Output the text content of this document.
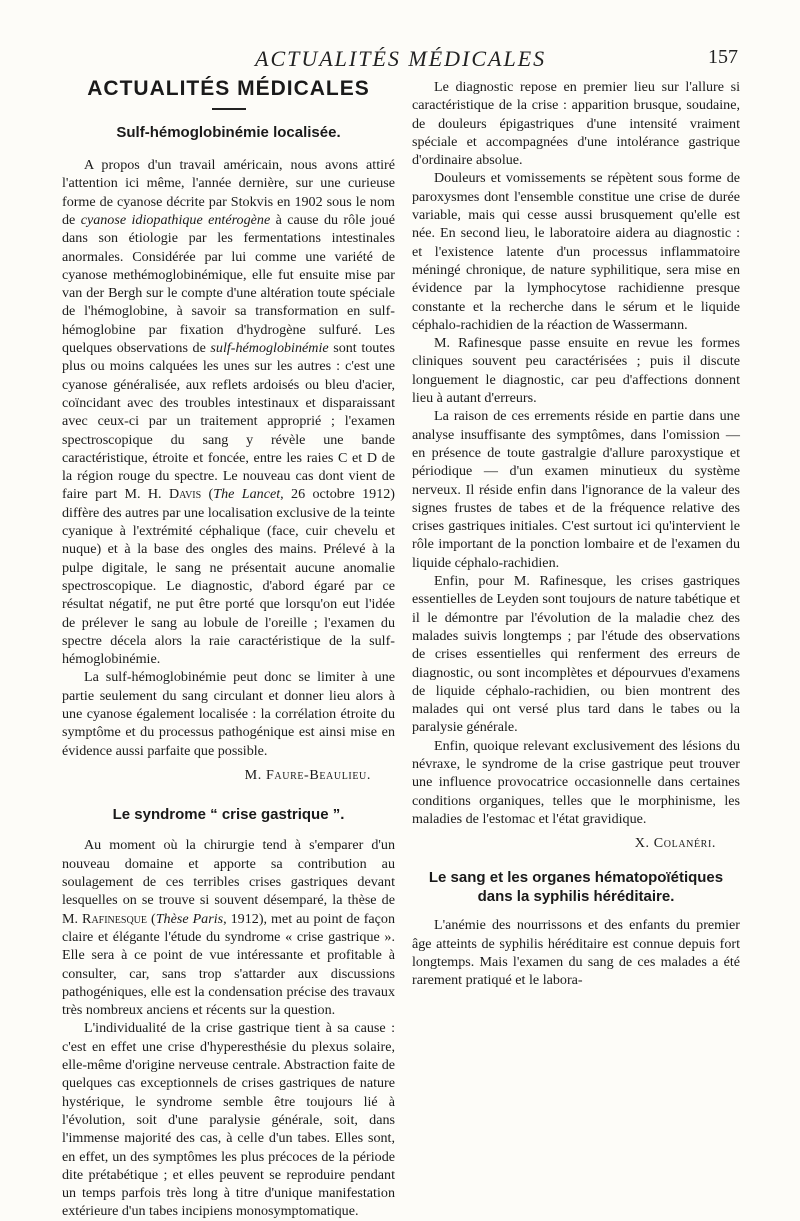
ACTUALITÉS MÉDICALES	157
ACTUALITÉS MÉDICALES
Sulf-hémoglobinémie localisée.

A propos d'un travail américain, nous avons attiré l'attention ici même, l'année dernière, sur une curieuse forme de cyanose décrite par Stokvis en 1902 sous le nom de cyanose idiopathique entérogène à cause du rôle joué dans son étiologie par les fermentations intestinales anormales. Considérée par lui comme une variété de cyanose methémoglobinémique, elle fut ensuite mise par van der Bergh sur le compte d'une altération toute spéciale de l'hémoglobine, à savoir sa transformation en sulf-hémoglobine par fixation d'hydrogène sulfuré. Les quelques observations de sulf-hémoglobinémie sont toutes plus ou moins calquées les unes sur les autres : c'est une cyanose généralisée, aux reflets ardoisés ou bleu d'acier, coïncidant avec des troubles intestinaux et disparaissant avec ceux-ci par un traitement approprié ; l'examen spectroscopique du sang y révèle une bande caractéristique, étroite et foncée, entre les raies C et D de la région rouge du spectre. Le nouveau cas dont vient de faire part M. H. Davis (The Lancet, 26 octobre 1912) diffère des autres par une localisation exclusive de la teinte cyanique à l'extrémité céphalique (face, cuir chevelu et nuque) et à la base des ongles des mains. Prélevé à la pulpe digitale, le sang ne présentait aucune anomalie spectroscopique. Le diagnostic, d'abord égaré par ce résultat négatif, ne put être porté que lorsqu'on eut l'idée de prélever le sang au lobule de l'oreille ; l'examen du spectre décela alors la raie caractéristique de la sulf-hémoglobinémie.

La sulf-hémoglobinémie peut donc se limiter à une partie seulement du sang circulant et donner lieu alors à une cyanose également localisée : la corrélation étroite du symptôme et du processus pathogénique est ainsi mise en évidence aussi parfaite que possible.

M. Faure-Beaulieu.
Le syndrome “ crise gastrique ”.

Au moment où la chirurgie tend à s'emparer d'un nouveau domaine et apporte sa contribution au soulagement de ces terribles crises gastriques devant lesquelles on se trouve si souvent désemparé, la thèse de M. Rafinesque (Thèse Paris, 1912), met au point de façon claire et élégante l'étude du syndrome « crise gastrique ». Elle sera à ce point de vue intéressante et profitable à consulter, car, sans trop s'attarder aux discussions pathogéniques, elle est la condensation précise des travaux très nombreux anciens et récents sur la question.

L'individualité de la crise gastrique tient à sa cause : c'est en effet une crise d'hyperesthésie du plexus solaire, elle-même d'origine nerveuse centrale. Abstraction faite de quelques cas exceptionnels de crises gastriques de nature hystérique, le syndrome semble être toujours lié à l'évolution, soit d'une paralysie générale, soit, dans l'immense majorité des cas, à celle d'un tabes. Elles sont, en effet, un des symptômes les plus précoces de la période dite prétabétique ; et elles peuvent se reproduire pendant un temps parfois très long à titre d'unique manifestation extérieure d'un tabes incipiens monosymptomatique.

Le diagnostic repose en premier lieu sur l'allure si caractéristique de la crise : apparition brusque, soudaine, de douleurs épigastriques d'une intensité vraiment spéciale et accompagnées d'une intolérance gastrique d'ordinaire absolue.

Douleurs et vomissements se répètent sous forme de paroxysmes dont l'ensemble constitue une crise de durée variable, mais qui cesse aussi brusquement qu'elle est née. En second lieu, le laboratoire aidera au diagnostic : et l'existence latente d'un processus inflammatoire méningé chronique, de nature syphilitique, sera mise en évidence par la lymphocytose rachidienne presque constante et la recherche dans le sérum et le liquide céphalo-rachidien de la réaction de Wassermann.

M. Rafinesque passe ensuite en revue les formes cliniques souvent peu caractérisées ; puis il discute longuement le diagnostic, car peu d'affections donnent lieu à autant d'erreurs.

La raison de ces errements réside en partie dans une analyse insuffisante des symptômes, dans l'omission — en présence de toute gastralgie d'allure paroxystique et périodique — d'un examen minutieux du système nerveux. Il réside enfin dans l'ignorance de la valeur des signes frustes de tabes et de la fréquence relative des crises gastriques initiales. C'est surtout ici qu'intervient le rôle important de la ponction lombaire et de l'examen du liquide céphalo-rachidien.

Enfin, pour M. Rafinesque, les crises gastriques essentielles de Leyden sont toujours de nature tabétique et il le démontre par l'évolution de la maladie chez des malades suivis longtemps ; par l'étude des observations de crises essentielles qui renferment des erreurs de diagnostic, ou sont incomplètes et dépourvues d'examens de liquide céphalo-rachidien, ou bien montrent des malades qui ont versé plus tard dans le tabes ou la paralysie générale.

Enfin, quoique relevant exclusivement des lésions du névraxe, le syndrome de la crise gastrique peut trouver une influence provocatrice occasionnelle dans certaines conditions organiques, telles que le morphinisme, les maladies de l'estomac et l'état gravidique.

X. Colanéri.
Le sang et les organes hématopoïétiques dans la syphilis héréditaire.

L'anémie des nourrissons et des enfants du premier âge atteints de syphilis héréditaire est connue depuis fort longtemps. Mais l'examen du sang de ces malades a été rarement pratiqué et le labora-
